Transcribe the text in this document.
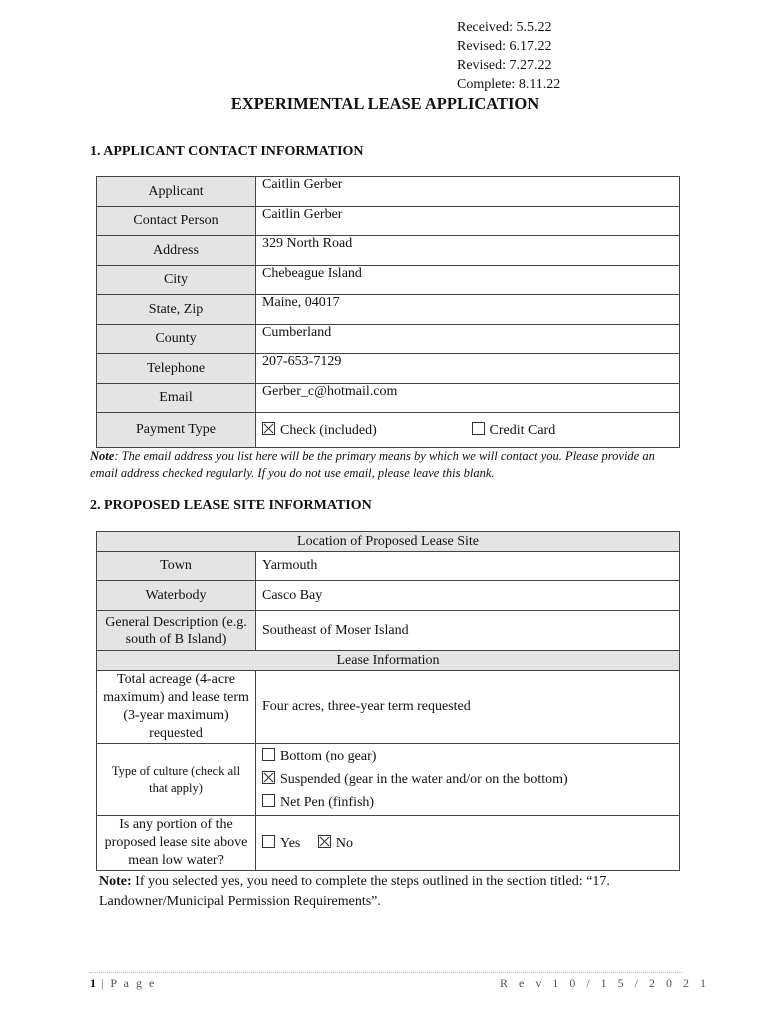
Received: 5.5.22
Revised: 6.17.22
Revised: 7.27.22
Complete: 8.11.22
EXPERIMENTAL LEASE APPLICATION
1. APPLICANT CONTACT INFORMATION
Applicant	Caitlin Gerber
Contact Person	Caitlin Gerber
Address	329 North Road
City	Chebeague Island
State, Zip	Maine, 04017
County	Cumberland
Telephone	207-653-7129
Email	Gerber_c@hotmail.com
Payment Type	Check (included) Credit Card
Note: The email address you list here will be the primary means by which we will contact you. Please provide an email address checked regularly. If you do not use email, please leave this blank.
2. PROPOSED LEASE SITE INFORMATION
Location of Proposed Lease Site	
Town	Yarmouth
Waterbody	Casco Bay
General Description (e.g. south of B Island)	Southeast of Moser Island
Lease Information	
Total acreage (4-acre maximum) and lease term (3-year maximum) requested	Four acres, three-year term requested
Type of culture (check all that apply)	Bottom (no gear)
Suspended (gear in the water and/or on the bottom)
Net Pen (finfish)

Is any portion of the proposed lease site above mean low water?	Yes No
Note: If you selected yes, you need to complete the steps outlined in the section titled: “17. Landowner/Municipal Permission Requirements”.
1 | P a g e	R e v 1 0 / 1 5 / 2 0 2 1
